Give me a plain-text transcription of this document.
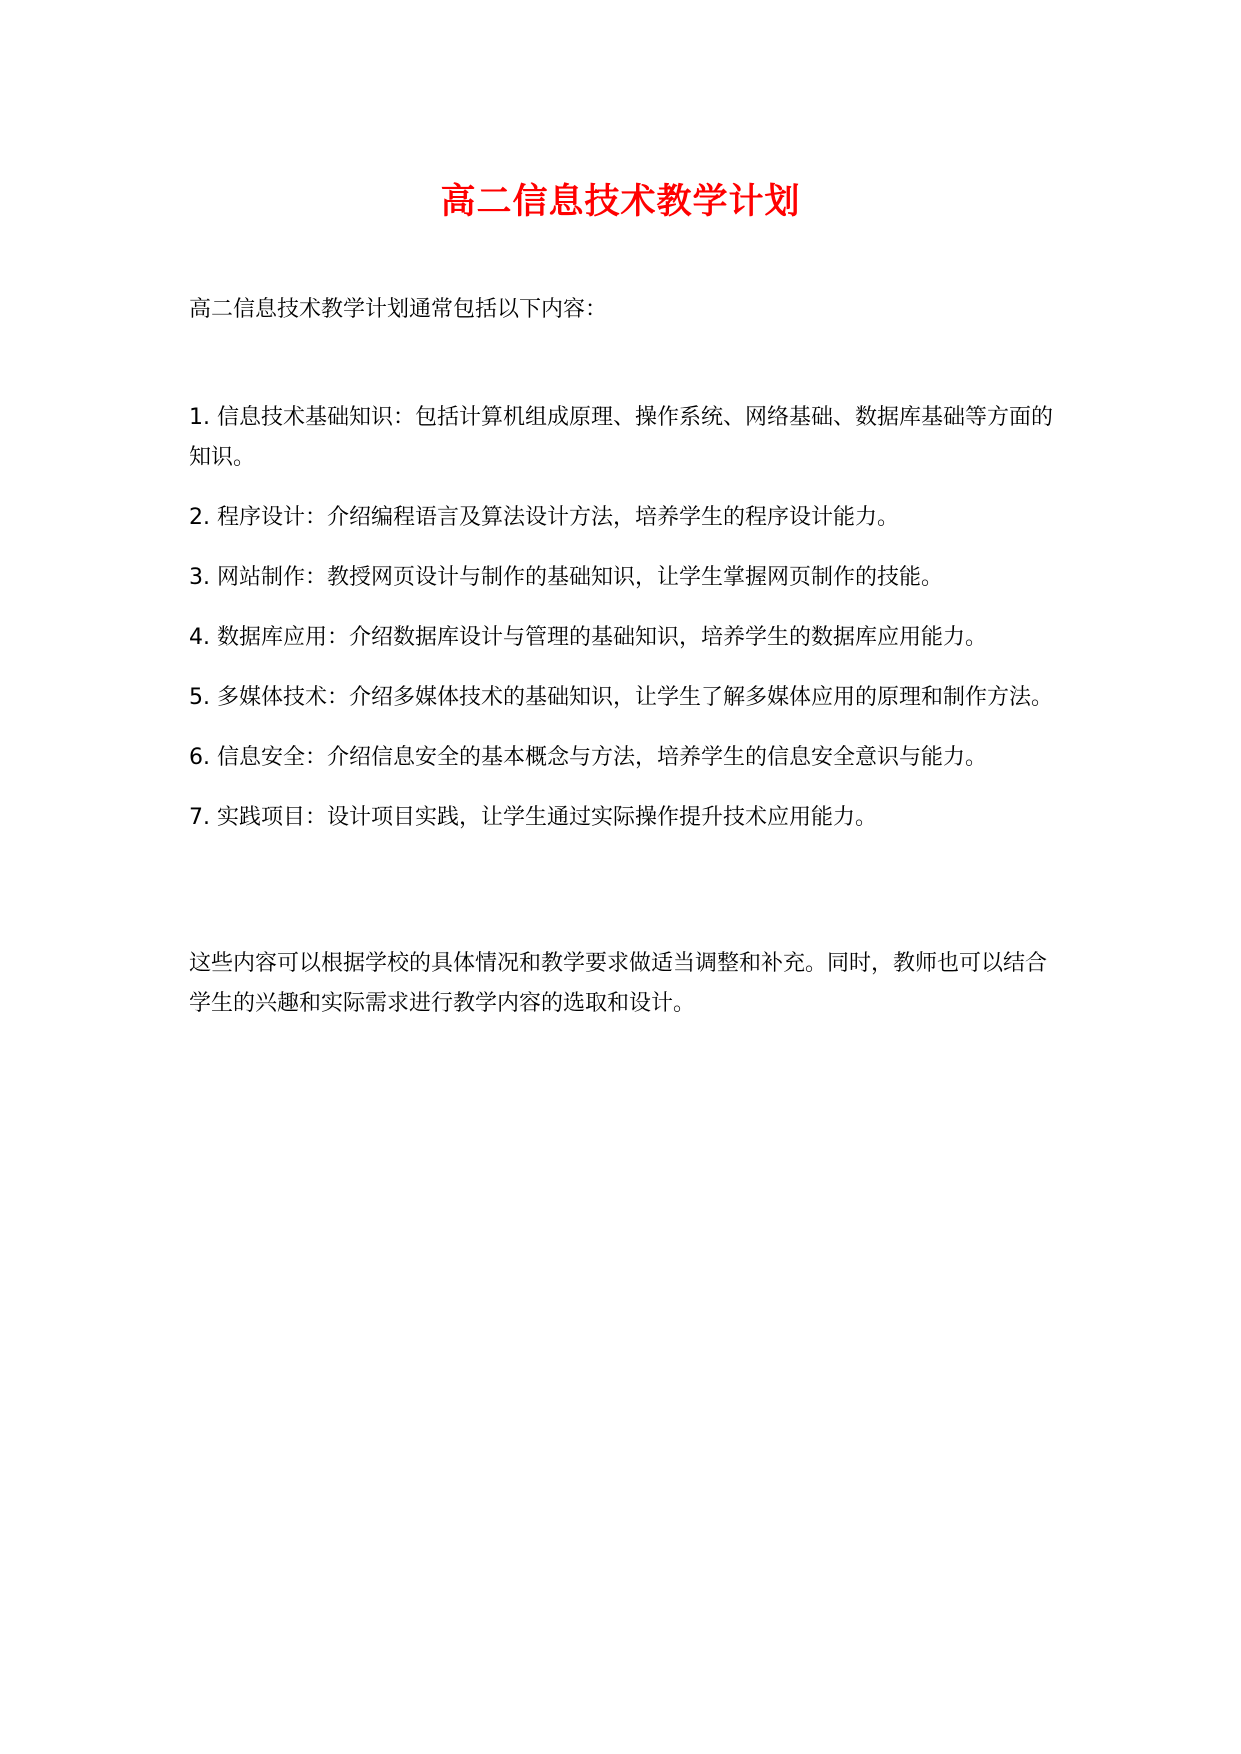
高二信息技术教学计划

高二信息技术教学计划通常包括以下内容：

1. 信息技术基础知识：包括计算机组成原理、操作系统、网络基础、数据库基础等方面的知识。

2. 程序设计：介绍编程语言及算法设计方法，培养学生的程序设计能力。

3. 网站制作：教授网页设计与制作的基础知识，让学生掌握网页制作的技能。

4. 数据库应用：介绍数据库设计与管理的基础知识，培养学生的数据库应用能力。

5. 多媒体技术：介绍多媒体技术的基础知识，让学生了解多媒体应用的原理和制作方法。

6. 信息安全：介绍信息安全的基本概念与方法，培养学生的信息安全意识与能力。

7. 实践项目：设计项目实践，让学生通过实际操作提升技术应用能力。

这些内容可以根据学校的具体情况和教学要求做适当调整和补充。同时，教师也可以结合学生的兴趣和实际需求进行教学内容的选取和设计。
